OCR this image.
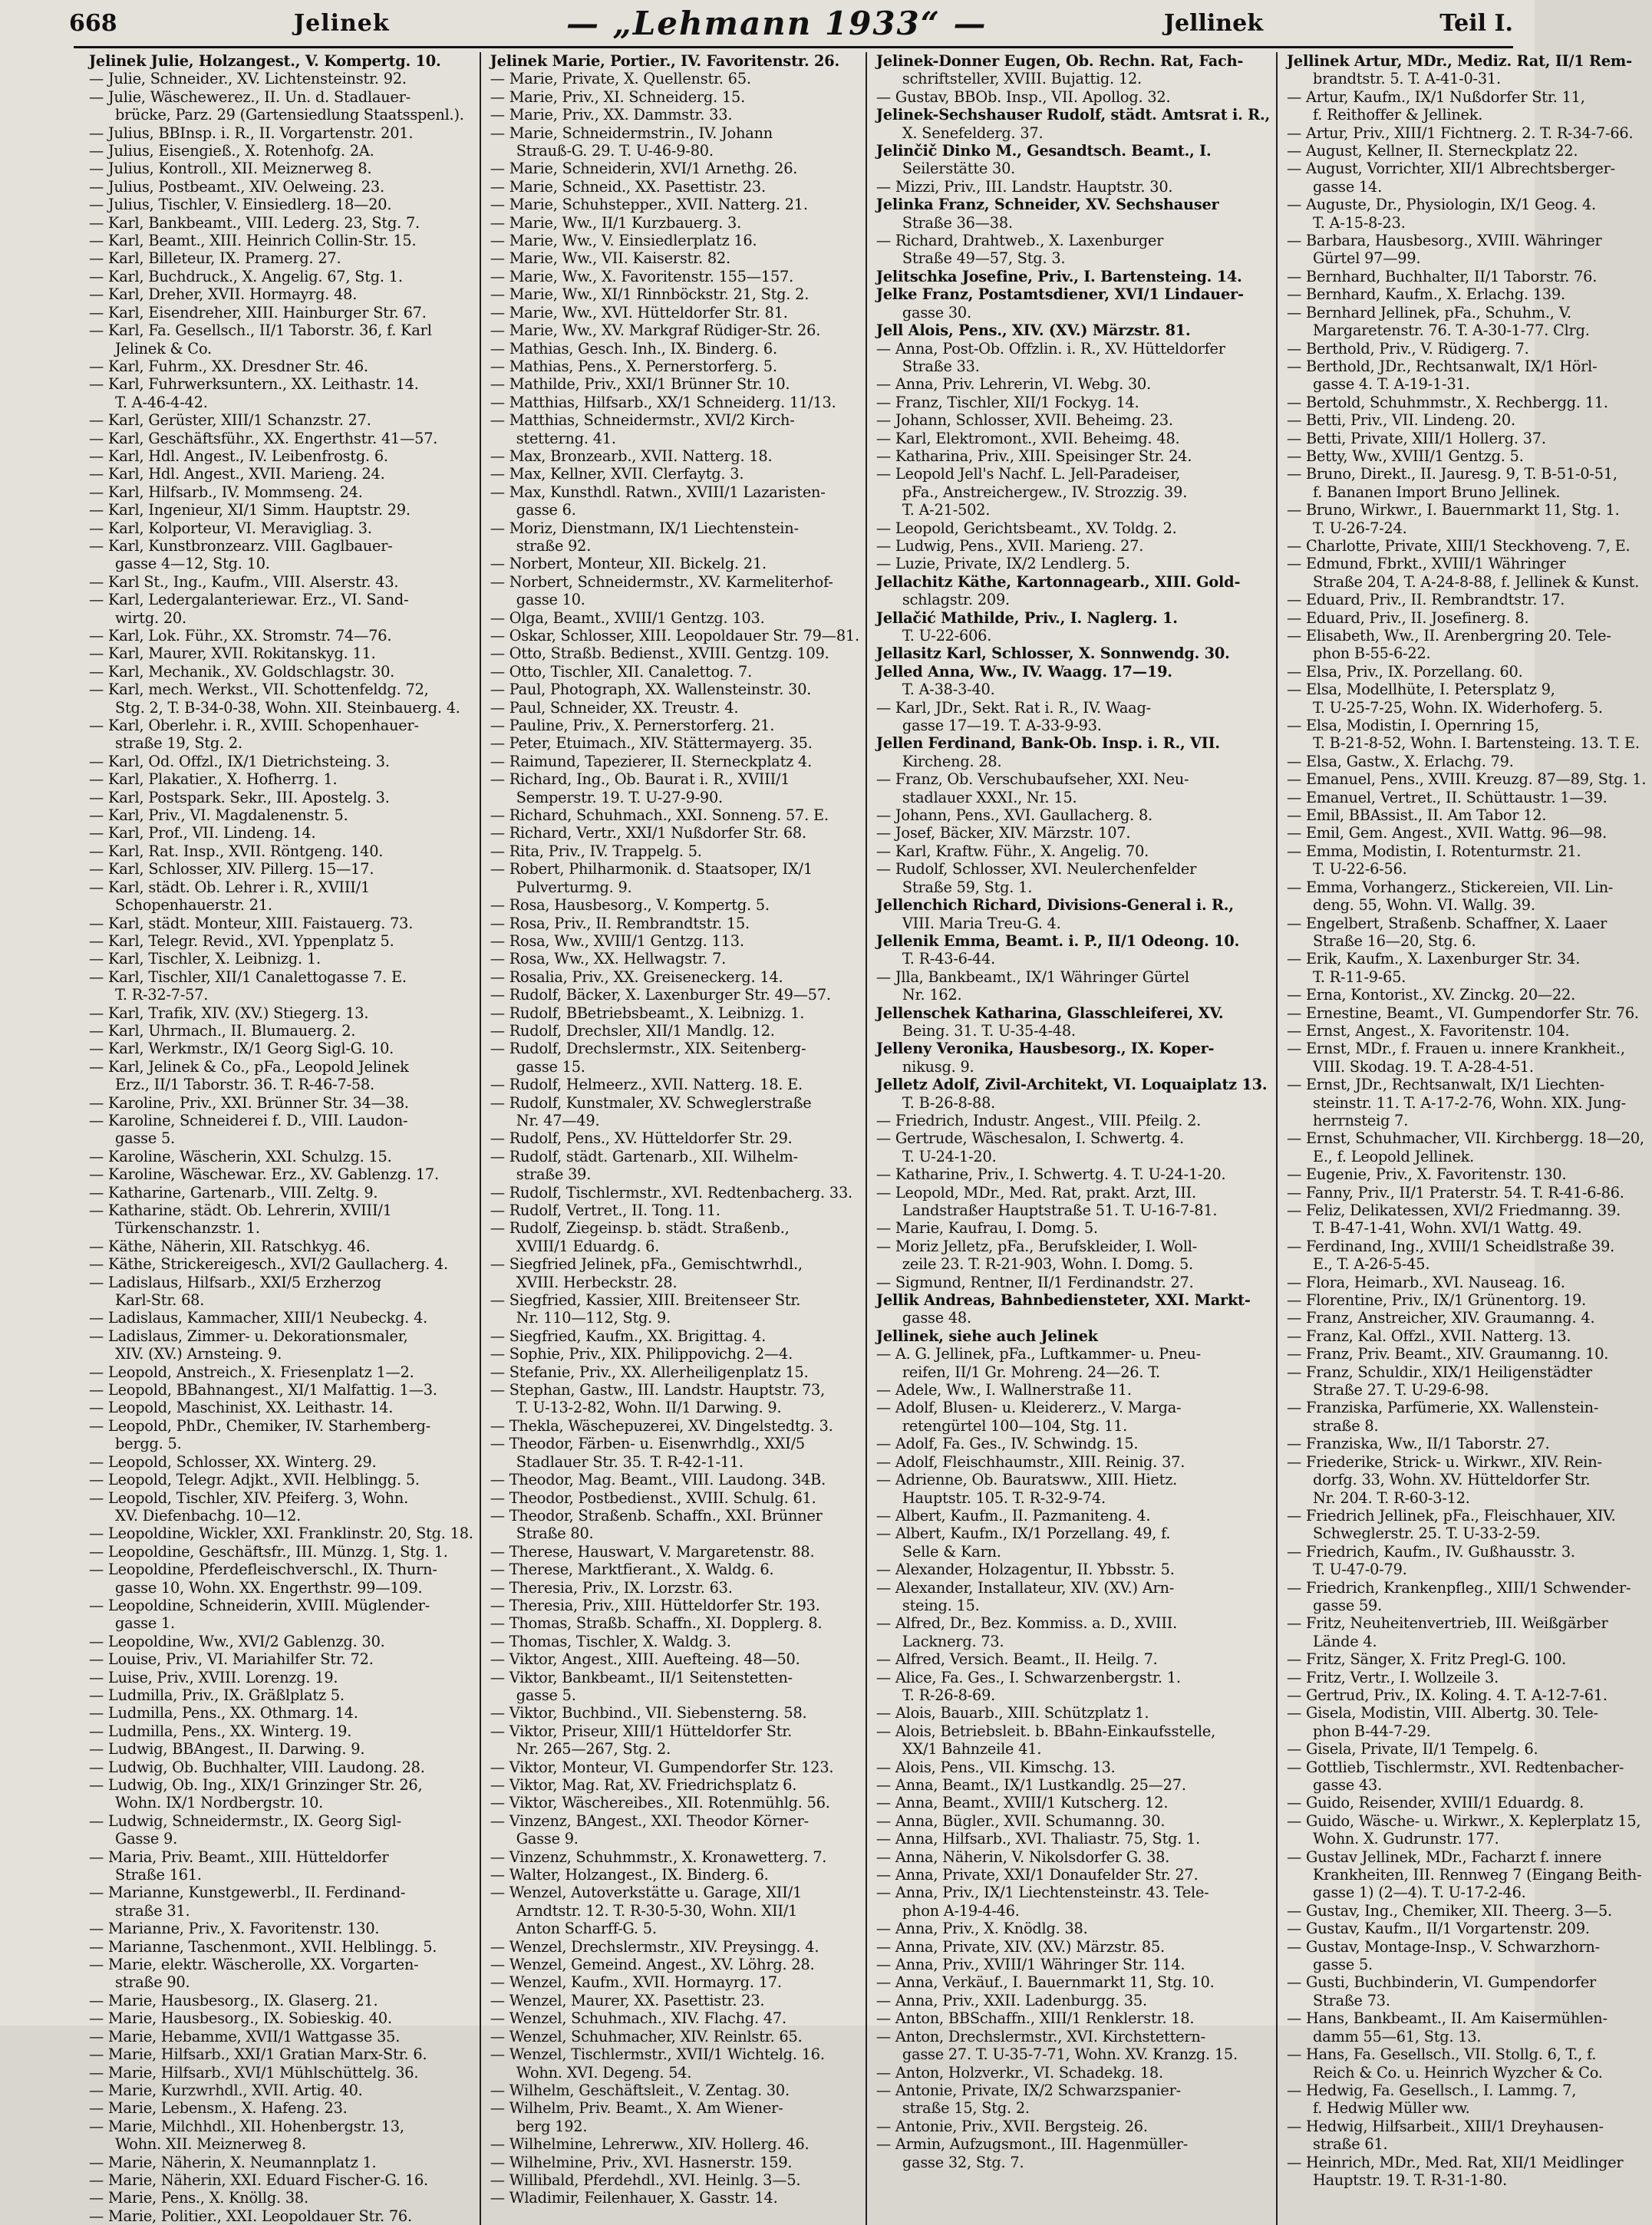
668	Jelinek	— „Lehmann 1933“ —	Jellinek	Teil I.
Jelinek Julie, Holzangest., V. Kompertg. 10.
— Julie, Schneider., XV. Lichtensteinstr. 92.
— Julie, Wäschewerez., II. Un. d. Stadlauer-
brücke, Parz. 29 (Gartensiedlung Staatsspenl.).
— Julius, BBInsp. i. R., II. Vorgartenstr. 201.
— Julius, Eisengieß., X. Rotenhofg. 2A.
— Julius, Kontroll., XII. Meiznerweg 8.
— Julius, Postbeamt., XIV. Oelweing. 23.
— Julius, Tischler, V. Einsiedlerg. 18—20.
— Karl, Bankbeamt., VIII. Lederg. 23, Stg. 7.
— Karl, Beamt., XIII. Heinrich Collin-Str. 15.
— Karl, Billeteur, IX. Pramerg. 27.
— Karl, Buchdruck., X. Angelig. 67, Stg. 1.
— Karl, Dreher, XVII. Hormayrg. 48.
— Karl, Eisendreher, XIII. Hainburger Str. 67.
— Karl, Fa. Gesellsch., II/1 Taborstr. 36, f. Karl
Jelinek & Co.
— Karl, Fuhrm., XX. Dresdner Str. 46.
— Karl, Fuhrwerksuntern., XX. Leithastr. 14.
T. A-46-4-42.
— Karl, Gerüster, XIII/1 Schanzstr. 27.
— Karl, Geschäftsführ., XX. Engerthstr. 41—57.
— Karl, Hdl. Angest., IV. Leibenfrostg. 6.
— Karl, Hdl. Angest., XVII. Marieng. 24.
— Karl, Hilfsarb., IV. Mommseng. 24.
— Karl, Ingenieur, XI/1 Simm. Hauptstr. 29.
— Karl, Kolporteur, VI. Meravigliag. 3.
— Karl, Kunstbronzearz. VIII. Gaglbauer-
gasse 4—12, Stg. 10.
— Karl St., Ing., Kaufm., VIII. Alserstr. 43.
— Karl, Ledergalanteriewar. Erz., VI. Sand-
wirtg. 20.
— Karl, Lok. Führ., XX. Stromstr. 74—76.
— Karl, Maurer, XVII. Rokitanskyg. 11.
— Karl, Mechanik., XV. Goldschlagstr. 30.
— Karl, mech. Werkst., VII. Schottenfeldg. 72,
Stg. 2, T. B-34-0-38, Wohn. XII. Steinbauerg. 4.
— Karl, Oberlehr. i. R., XVIII. Schopenhauer-
straße 19, Stg. 2.
— Karl, Od. Offzl., IX/1 Dietrichsteing. 3.
— Karl, Plakatier., X. Hofherrg. 1.
— Karl, Postspark. Sekr., III. Apostelg. 3.
— Karl, Priv., VI. Magdalenenstr. 5.
— Karl, Prof., VII. Lindeng. 14.
— Karl, Rat. Insp., XVII. Röntgeng. 140.
— Karl, Schlosser, XIV. Pillerg. 15—17.
— Karl, städt. Ob. Lehrer i. R., XVIII/1
Schopenhauerstr. 21.
— Karl, städt. Monteur, XIII. Faistauerg. 73.
— Karl, Telegr. Revid., XVI. Yppenplatz 5.
— Karl, Tischler, X. Leibnizg. 1.
— Karl, Tischler, XII/1 Canalettogasse 7. E.
T. R-32-7-57.
— Karl, Trafik, XIV. (XV.) Stiegerg. 13.
— Karl, Uhrmach., II. Blumauerg. 2.
— Karl, Werkmstr., IX/1 Georg Sigl-G. 10.
— Karl, Jelinek & Co., pFa., Leopold Jelinek
Erz., II/1 Taborstr. 36. T. R-46-7-58.
— Karoline, Priv., XXI. Brünner Str. 34—38.
— Karoline, Schneiderei f. D., VIII. Laudon-
gasse 5.
— Karoline, Wäscherin, XXI. Schulzg. 15.
— Karoline, Wäschewar. Erz., XV. Gablenzg. 17.
— Katharine, Gartenarb., VIII. Zeltg. 9.
— Katharine, städt. Ob. Lehrerin, XVIII/1
Türkenschanzstr. 1.
— Käthe, Näherin, XII. Ratschkyg. 46.
— Käthe, Strickereigesch., XVI/2 Gaullacherg. 4.
— Ladislaus, Hilfsarb., XXI/5 Erzherzog
Karl-Str. 68.
— Ladislaus, Kammacher, XIII/1 Neubeckg. 4.
— Ladislaus, Zimmer- u. Dekorationsmaler,
XIV. (XV.) Arnsteing. 9.
— Leopold, Anstreich., X. Friesenplatz 1—2.
— Leopold, BBahnangest., XI/1 Malfattig. 1—3.
— Leopold, Maschinist, XX. Leithastr. 14.
— Leopold, PhDr., Chemiker, IV. Starhemberg-
bergg. 5.
— Leopold, Schlosser, XX. Winterg. 29.
— Leopold, Telegr. Adjkt., XVII. Helblingg. 5.
— Leopold, Tischler, XIV. Pfeiferg. 3, Wohn.
XV. Diefenbachg. 10—12.
— Leopoldine, Wickler, XXI. Franklinstr. 20, Stg. 18.
— Leopoldine, Geschäftsfr., III. Münzg. 1, Stg. 1.
— Leopoldine, Pferdefleischverschl., IX. Thurn-
gasse 10, Wohn. XX. Engerthstr. 99—109.
— Leopoldine, Schneiderin, XVIII. Müglender-
gasse 1.
— Leopoldine, Ww., XVI/2 Gablenzg. 30.
— Louise, Priv., VI. Mariahilfer Str. 72.
— Luise, Priv., XVIII. Lorenzg. 19.
— Ludmilla, Priv., IX. Gräßlplatz 5.
— Ludmilla, Pens., XX. Othmarg. 14.
— Ludmilla, Pens., XX. Winterg. 19.
— Ludwig, BBAngest., II. Darwing. 9.
— Ludwig, Ob. Buchhalter, VIII. Laudong. 28.
— Ludwig, Ob. Ing., XIX/1 Grinzinger Str. 26,
Wohn. IX/1 Nordbergstr. 10.
— Ludwig, Schneidermstr., IX. Georg Sigl-
Gasse 9.
— Maria, Priv. Beamt., XIII. Hütteldorfer
Straße 161.
— Marianne, Kunstgewerbl., II. Ferdinand-
straße 31.
— Marianne, Priv., X. Favoritenstr. 130.
— Marianne, Taschenmont., XVII. Helblingg. 5.
— Marie, elektr. Wäscherolle, XX. Vorgarten-
straße 90.
— Marie, Hausbesorg., IX. Glaserg. 21.
— Marie, Hausbesorg., IX. Sobieskig. 40.
— Marie, Hebamme, XVII/1 Wattgasse 35.
— Marie, Hilfsarb., XXI/1 Gratian Marx-Str. 6.
— Marie, Hilfsarb., XVI/1 Mühlschüttelg. 36.
— Marie, Kurzwrhdl., XVII. Artig. 40.
— Marie, Lebensm., X. Hafeng. 23.
— Marie, Milchhdl., XII. Hohenbergstr. 13,
Wohn. XII. Meiznerweg 8.
— Marie, Näherin, X. Neumannplatz 1.
— Marie, Näherin, XXI. Eduard Fischer-G. 16.
— Marie, Pens., X. Knöllg. 38.
— Marie, Politier., XXI. Leopoldauer Str. 76.
Jelinek Marie, Portier., IV. Favoritenstr. 26.
— Marie, Private, X. Quellenstr. 65.
— Marie, Priv., XI. Schneiderg. 15.
— Marie, Priv., XX. Dammstr. 33.
— Marie, Schneidermstrin., IV. Johann
Strauß-G. 29. T. U-46-9-80.
— Marie, Schneiderin, XVI/1 Arnethg. 26.
— Marie, Schneid., XX. Pasettistr. 23.
— Marie, Schuhstepper., XVII. Natterg. 21.
— Marie, Ww., II/1 Kurzbauerg. 3.
— Marie, Ww., V. Einsiedlerplatz 16.
— Marie, Ww., VII. Kaiserstr. 82.
— Marie, Ww., X. Favoritenstr. 155—157.
— Marie, Ww., XI/1 Rinnböckstr. 21, Stg. 2.
— Marie, Ww., XVI. Hütteldorfer Str. 81.
— Marie, Ww., XV. Markgraf Rüdiger-Str. 26.
— Mathias, Gesch. Inh., IX. Binderg. 6.
— Mathias, Pens., X. Pernerstorferg. 5.
— Mathilde, Priv., XXI/1 Brünner Str. 10.
— Matthias, Hilfsarb., XX/1 Schneiderg. 11/13.
— Matthias, Schneidermstr., XVI/2 Kirch-
stetterng. 41.
— Max, Bronzearb., XVII. Natterg. 18.
— Max, Kellner, XVII. Clerfaytg. 3.
— Max, Kunsthdl. Ratwn., XVIII/1 Lazaristen-
gasse 6.
— Moriz, Dienstmann, IX/1 Liechtenstein-
straße 92.
— Norbert, Monteur, XII. Bickelg. 21.
— Norbert, Schneidermstr., XV. Karmeliterhof-
gasse 10.
— Olga, Beamt., XVIII/1 Gentzg. 103.
— Oskar, Schlosser, XIII. Leopoldauer Str. 79—81.
— Otto, Straßb. Bedienst., XVIII. Gentzg. 109.
— Otto, Tischler, XII. Canalettog. 7.
— Paul, Photograph, XX. Wallensteinstr. 30.
— Paul, Schneider, XX. Treustr. 4.
— Pauline, Priv., X. Pernerstorferg. 21.
— Peter, Etuimach., XIV. Stättermayerg. 35.
— Raimund, Tapezierer, II. Sterneckplatz 4.
— Richard, Ing., Ob. Baurat i. R., XVIII/1
Semperstr. 19. T. U-27-9-90.
— Richard, Schuhmach., XXI. Sonneng. 57. E.
— Richard, Vertr., XXI/1 Nußdorfer Str. 68.
— Rita, Priv., IV. Trappelg. 5.
— Robert, Philharmonik. d. Staatsoper, IX/1
Pulverturmg. 9.
— Rosa, Hausbesorg., V. Kompertg. 5.
— Rosa, Priv., II. Rembrandtstr. 15.
— Rosa, Ww., XVIII/1 Gentzg. 113.
— Rosa, Ww., XX. Hellwagstr. 7.
— Rosalia, Priv., XX. Greiseneckerg. 14.
— Rudolf, Bäcker, X. Laxenburger Str. 49—57.
— Rudolf, BBetriebsbeamt., X. Leibnizg. 1.
— Rudolf, Drechsler, XII/1 Mandlg. 12.
— Rudolf, Drechslermstr., XIX. Seitenberg-
gasse 15.
— Rudolf, Helmeerz., XVII. Natterg. 18. E.
— Rudolf, Kunstmaler, XV. Schweglerstraße
Nr. 47—49.
— Rudolf, Pens., XV. Hütteldorfer Str. 29.
— Rudolf, städt. Gartenarb., XII. Wilhelm-
straße 39.
— Rudolf, Tischlermstr., XVI. Redtenbacherg. 33.
— Rudolf, Vertret., II. Tong. 11.
— Rudolf, Ziegeinsp. b. städt. Straßenb.,
XVIII/1 Eduardg. 6.
— Siegfried Jelinek, pFa., Gemischtwrhdl.,
XVIII. Herbeckstr. 28.
— Siegfried, Kassier, XIII. Breitenseer Str.
Nr. 110—112, Stg. 9.
— Siegfried, Kaufm., XX. Brigittag. 4.
— Sophie, Priv., XIX. Philippovichg. 2—4.
— Stefanie, Priv., XX. Allerheiligenplatz 15.
— Stephan, Gastw., III. Landstr. Hauptstr. 73,
T. U-13-2-82, Wohn. II/1 Darwing. 9.
— Thekla, Wäschepuzerei, XV. Dingelstedtg. 3.
— Theodor, Färben- u. Eisenwrhdlg., XXI/5
Stadlauer Str. 35. T. R-42-1-11.
— Theodor, Mag. Beamt., VIII. Laudong. 34B.
— Theodor, Postbedienst., XVIII. Schulg. 61.
— Theodor, Straßenb. Schaffn., XXI. Brünner
Straße 80.
— Therese, Hauswart, V. Margaretenstr. 88.
— Therese, Marktfierant., X. Waldg. 6.
— Theresia, Priv., IX. Lorzstr. 63.
— Theresia, Priv., XIII. Hütteldorfer Str. 193.
— Thomas, Straßb. Schaffn., XI. Dopplerg. 8.
— Thomas, Tischler, X. Waldg. 3.
— Viktor, Angest., XIII. Auefteing. 48—50.
— Viktor, Bankbeamt., II/1 Seitenstetten-
gasse 5.
— Viktor, Buchbind., VII. Siebensterng. 58.
— Viktor, Priseur, XIII/1 Hütteldorfer Str.
Nr. 265—267, Stg. 2.
— Viktor, Monteur, VI. Gumpendorfer Str. 123.
— Viktor, Mag. Rat, XV. Friedrichsplatz 6.
— Viktor, Wäschereibes., XII. Rotenmühlg. 56.
— Vinzenz, BAngest., XXI. Theodor Körner-
Gasse 9.
— Vinzenz, Schuhmmstr., X. Kronawetterg. 7.
— Walter, Holzangest., IX. Binderg. 6.
— Wenzel, Autoverkstätte u. Garage, XII/1
Arndtstr. 12. T. R-30-5-30, Wohn. XII/1
Anton Scharff-G. 5.
— Wenzel, Drechslermstr., XIV. Preysingg. 4.
— Wenzel, Gemeind. Angest., XV. Löhrg. 28.
— Wenzel, Kaufm., XVII. Hormayrg. 17.
— Wenzel, Maurer, XX. Pasettistr. 23.
— Wenzel, Schuhmach., XIV. Flachg. 47.
— Wenzel, Schuhmacher, XIV. Reinlstr. 65.
— Wenzel, Tischlermstr., XVII/1 Wichtelg. 16.
Wohn. XVI. Degeng. 54.
— Wilhelm, Geschäftsleit., V. Zentag. 30.
— Wilhelm, Priv. Beamt., X. Am Wiener-
berg 192.
— Wilhelmine, Lehrerww., XIV. Hollerg. 46.
— Wilhelmine, Priv., XVI. Hasnerstr. 159.
— Willibald, Pferdehdl., XVI. Heinlg. 3—5.
— Wladimir, Feilenhauer, X. Gasstr. 14.
Jelinek-Donner Eugen, Ob. Rechn. Rat, Fach-
schriftsteller, XVIII. Bujattig. 12.
— Gustav, BBOb. Insp., VII. Apollog. 32.
Jelinek-Sechshauser Rudolf, städt. Amtsrat i. R.,
X. Senefelderg. 37.
Jelinčič Dinko M., Gesandtsch. Beamt., I.
Seilerstätte 30.
— Mizzi, Priv., III. Landstr. Hauptstr. 30.
Jelinka Franz, Schneider, XV. Sechshauser
Straße 36—38.
— Richard, Drahtweb., X. Laxenburger
Straße 49—57, Stg. 3.
Jelitschka Josefine, Priv., I. Bartensteing. 14.
Jelke Franz, Postamtsdiener, XVI/1 Lindauer-
gasse 30.
Jell Alois, Pens., XIV. (XV.) Märzstr. 81.
— Anna, Post-Ob. Offzlin. i. R., XV. Hütteldorfer
Straße 33.
— Anna, Priv. Lehrerin, VI. Webg. 30.
— Franz, Tischler, XII/1 Fockyg. 14.
— Johann, Schlosser, XVII. Beheimg. 23.
— Karl, Elektromont., XVII. Beheimg. 48.
— Katharina, Priv., XIII. Speisinger Str. 24.
— Leopold Jell's Nachf. L. Jell-Paradeiser,
pFa., Anstreichergew., IV. Strozzig. 39.
T. A-21-502.
— Leopold, Gerichtsbeamt., XV. Toldg. 2.
— Ludwig, Pens., XVII. Marieng. 27.
— Luzie, Private, IX/2 Lendlerg. 5.
Jellachitz Käthe, Kartonnagearb., XIII. Gold-
schlagstr. 209.
Jellačić Mathilde, Priv., I. Naglerg. 1.
T. U-22-606.
Jellasitz Karl, Schlosser, X. Sonnwendg. 30.
Jelled Anna, Ww., IV. Waagg. 17—19.
T. A-38-3-40.
— Karl, JDr., Sekt. Rat i. R., IV. Waag-
gasse 17—19. T. A-33-9-93.
Jellen Ferdinand, Bank-Ob. Insp. i. R., VII.
Kircheng. 28.
— Franz, Ob. Verschubaufseher, XXI. Neu-
stadlauer XXXI., Nr. 15.
— Johann, Pens., XVI. Gaullacherg. 8.
— Josef, Bäcker, XIV. Märzstr. 107.
— Karl, Kraftw. Führ., X. Angelig. 70.
— Rudolf, Schlosser, XVI. Neulerchenfelder
Straße 59, Stg. 1.
Jellenchich Richard, Divisions-General i. R.,
VIII. Maria Treu-G. 4.
Jellenik Emma, Beamt. i. P., II/1 Odeong. 10.
T. R-43-6-44.
— Jlla, Bankbeamt., IX/1 Währinger Gürtel
Nr. 162.
Jellenschek Katharina, Glasschleiferei, XV.
Being. 31. T. U-35-4-48.
Jelleny Veronika, Hausbesorg., IX. Koper-
nikusg. 9.
Jelletz Adolf, Zivil-Architekt, VI. Loquaiplatz 13.
T. B-26-8-88.
— Friedrich, Industr. Angest., VIII. Pfeilg. 2.
— Gertrude, Wäschesalon, I. Schwertg. 4.
T. U-24-1-20.
— Katharine, Priv., I. Schwertg. 4. T. U-24-1-20.
— Leopold, MDr., Med. Rat, prakt. Arzt, III.
Landstraßer Hauptstraße 51. T. U-16-7-81.
— Marie, Kaufrau, I. Domg. 5.
— Moriz Jelletz, pFa., Berufskleider, I. Woll-
zeile 23. T. R-21-903, Wohn. I. Domg. 5.
— Sigmund, Rentner, II/1 Ferdinandstr. 27.
Jellik Andreas, Bahnbediensteter, XXI. Markt-
gasse 48.
Jellinek, siehe auch Jelinek
— A. G. Jellinek, pFa., Luftkammer- u. Pneu-
reifen, II/1 Gr. Mohreng. 24—26. T.
— Adele, Ww., I. Wallnerstraße 11.
— Adolf, Blusen- u. Kleidererz., V. Marga-
retengürtel 100—104, Stg. 11.
— Adolf, Fa. Ges., IV. Schwindg. 15.
— Adolf, Fleischhaumstr., XIII. Reinig. 37.
— Adrienne, Ob. Bauratsww., XIII. Hietz.
Hauptstr. 105. T. R-32-9-74.
— Albert, Kaufm., II. Pazmaniteng. 4.
— Albert, Kaufm., IX/1 Porzellang. 49, f.
Selle & Karn.
— Alexander, Holzagentur, II. Ybbsstr. 5.
— Alexander, Installateur, XIV. (XV.) Arn-
steing. 15.
— Alfred, Dr., Bez. Kommiss. a. D., XVIII.
Lacknerg. 73.
— Alfred, Versich. Beamt., II. Heilg. 7.
— Alice, Fa. Ges., I. Schwarzenbergstr. 1.
T. R-26-8-69.
— Alois, Bauarb., XIII. Schützplatz 1.
— Alois, Betriebsleit. b. BBahn-Einkaufsstelle,
XX/1 Bahnzeile 41.
— Alois, Pens., VII. Kimschg. 13.
— Anna, Beamt., IX/1 Lustkandlg. 25—27.
— Anna, Beamt., XVIII/1 Kutscherg. 12.
— Anna, Bügler., XVII. Schumanng. 30.
— Anna, Hilfsarb., XVI. Thaliastr. 75, Stg. 1.
— Anna, Näherin, V. Nikolsdorfer G. 38.
— Anna, Private, XXI/1 Donaufelder Str. 27.
— Anna, Priv., IX/1 Liechtensteinstr. 43. Tele-
phon A-19-4-46.
— Anna, Priv., X. Knödlg. 38.
— Anna, Private, XIV. (XV.) Märzstr. 85.
— Anna, Priv., XVIII/1 Währinger Str. 114.
— Anna, Verkäuf., I. Bauernmarkt 11, Stg. 10.
— Anna, Priv., XXII. Ladenburgg. 35.
— Anton, BBSchaffn., XIII/1 Renklerstr. 18.
— Anton, Drechslermstr., XVI. Kirchstettern-
gasse 27. T. U-35-7-71, Wohn. XV. Kranzg. 15.
— Anton, Holzverkr., VI. Schadekg. 18.
— Antonie, Private, IX/2 Schwarzspanier-
straße 15, Stg. 2.
— Antonie, Priv., XVII. Bergsteig. 26.
— Armin, Aufzugsmont., III. Hagenmüller-
gasse 32, Stg. 7.
Jellinek Artur, MDr., Mediz. Rat, II/1 Rem-
brandtstr. 5. T. A-41-0-31.
— Artur, Kaufm., IX/1 Nußdorfer Str. 11,
f. Reithoffer & Jellinek.
— Artur, Priv., XIII/1 Fichtnerg. 2. T. R-34-7-66.
— August, Kellner, II. Sterneckplatz 22.
— August, Vorrichter, XII/1 Albrechtsberger-
gasse 14.
— Auguste, Dr., Physiologin, IX/1 Geog. 4.
T. A-15-8-23.
— Barbara, Hausbesorg., XVIII. Währinger
Gürtel 97—99.
— Bernhard, Buchhalter, II/1 Taborstr. 76.
— Bernhard, Kaufm., X. Erlachg. 139.
— Bernhard Jellinek, pFa., Schuhm., V.
Margaretenstr. 76. T. A-30-1-77. Clrg.
— Berthold, Priv., V. Rüdigerg. 7.
— Berthold, JDr., Rechtsanwalt, IX/1 Hörl-
gasse 4. T. A-19-1-31.
— Bertold, Schuhmmstr., X. Rechbergg. 11.
— Betti, Priv., VII. Lindeng. 20.
— Betti, Private, XIII/1 Hollerg. 37.
— Betty, Ww., XVIII/1 Gentzg. 5.
— Bruno, Direkt., II. Jauresg. 9, T. B-51-0-51,
f. Bananen Import Bruno Jellinek.
— Bruno, Wirkwr., I. Bauernmarkt 11, Stg. 1.
T. U-26-7-24.
— Charlotte, Private, XIII/1 Steckhoveng. 7, E.
— Edmund, Fbrkt., XVIII/1 Währinger
Straße 204, T. A-24-8-88, f. Jellinek & Kunst.
— Eduard, Priv., II. Rembrandtstr. 17.
— Eduard, Priv., II. Josefinerg. 8.
— Elisabeth, Ww., II. Arenbergring 20. Tele-
phon B-55-6-22.
— Elsa, Priv., IX. Porzellang. 60.
— Elsa, Modellhüte, I. Petersplatz 9,
T. U-25-7-25, Wohn. IX. Widerhoferg. 5.
— Elsa, Modistin, I. Opernring 15,
T. B-21-8-52, Wohn. I. Bartensteing. 13. T. E.
— Elsa, Gastw., X. Erlachg. 79.
— Emanuel, Pens., XVIII. Kreuzg. 87—89, Stg. 1.
— Emanuel, Vertret., II. Schüttaustr. 1—39.
— Emil, BBAssist., II. Am Tabor 12.
— Emil, Gem. Angest., XVII. Wattg. 96—98.
— Emma, Modistin, I. Rotenturmstr. 21.
T. U-22-6-56.
— Emma, Vorhangerz., Stickereien, VII. Lin-
deng. 55, Wohn. VI. Wallg. 39.
— Engelbert, Straßenb. Schaffner, X. Laaer
Straße 16—20, Stg. 6.
— Erik, Kaufm., X. Laxenburger Str. 34.
T. R-11-9-65.
— Erna, Kontorist., XV. Zinckg. 20—22.
— Ernestine, Beamt., VI. Gumpendorfer Str. 76.
— Ernst, Angest., X. Favoritenstr. 104.
— Ernst, MDr., f. Frauen u. innere Krankheit.,
VIII. Skodag. 19. T. A-28-4-51.
— Ernst, JDr., Rechtsanwalt, IX/1 Liechten-
steinstr. 11. T. A-17-2-76, Wohn. XIX. Jung-
herrnsteig 7.
— Ernst, Schuhmacher, VII. Kirchbergg. 18—20,
E., f. Leopold Jellinek.
— Eugenie, Priv., X. Favoritenstr. 130.
— Fanny, Priv., II/1 Praterstr. 54. T. R-41-6-86.
— Feliz, Delikatessen, XVI/2 Friedmanng. 39.
T. B-47-1-41, Wohn. XVI/1 Wattg. 49.
— Ferdinand, Ing., XVIII/1 Scheidlstraße 39.
E., T. A-26-5-45.
— Flora, Heimarb., XVI. Nauseag. 16.
— Florentine, Priv., IX/1 Grünentorg. 19.
— Franz, Anstreicher, XIV. Graumanng. 4.
— Franz, Kal. Offzl., XVII. Natterg. 13.
— Franz, Priv. Beamt., XIV. Graumanng. 10.
— Franz, Schuldir., XIX/1 Heiligenstädter
Straße 27. T. U-29-6-98.
— Franziska, Parfümerie, XX. Wallenstein-
straße 8.
— Franziska, Ww., II/1 Taborstr. 27.
— Friederike, Strick- u. Wirkwr., XIV. Rein-
dorfg. 33, Wohn. XV. Hütteldorfer Str.
Nr. 204. T. R-60-3-12.
— Friedrich Jellinek, pFa., Fleischhauer, XIV.
Schweglerstr. 25. T. U-33-2-59.
— Friedrich, Kaufm., IV. Gußhausstr. 3.
T. U-47-0-79.
— Friedrich, Krankenpfleg., XIII/1 Schwender-
gasse 59.
— Fritz, Neuheitenvertrieb, III. Weißgärber
Lände 4.
— Fritz, Sänger, X. Fritz Pregl-G. 100.
— Fritz, Vertr., I. Wollzeile 3.
— Gertrud, Priv., IX. Koling. 4. T. A-12-7-61.
— Gisela, Modistin, VIII. Albertg. 30. Tele-
phon B-44-7-29.
— Gisela, Private, II/1 Tempelg. 6.
— Gottlieb, Tischlermstr., XVI. Redtenbacher-
gasse 43.
— Guido, Reisender, XVIII/1 Eduardg. 8.
— Guido, Wäsche- u. Wirkwr., X. Keplerplatz 15,
Wohn. X. Gudrunstr. 177.
— Gustav Jellinek, MDr., Facharzt f. innere
Krankheiten, III. Rennweg 7 (Eingang Beith-
gasse 1) (2—4). T. U-17-2-46.
— Gustav, Ing., Chemiker, XII. Theerg. 3—5.
— Gustav, Kaufm., II/1 Vorgartenstr. 209.
— Gustav, Montage-Insp., V. Schwarzhorn-
gasse 5.
— Gusti, Buchbinderin, VI. Gumpendorfer
Straße 73.
— Hans, Bankbeamt., II. Am Kaisermühlen-
damm 55—61, Stg. 13.
— Hans, Fa. Gesellsch., VII. Stollg. 6, T., f.
Reich & Co. u. Heinrich Wyzcher & Co.
— Hedwig, Fa. Gesellsch., I. Lammg. 7,
f. Hedwig Müller ww.
— Hedwig, Hilfsarbeit., XIII/1 Dreyhausen-
straße 61.
— Heinrich, MDr., Med. Rat, XII/1 Meidlinger
Hauptstr. 19. T. R-31-1-80.
